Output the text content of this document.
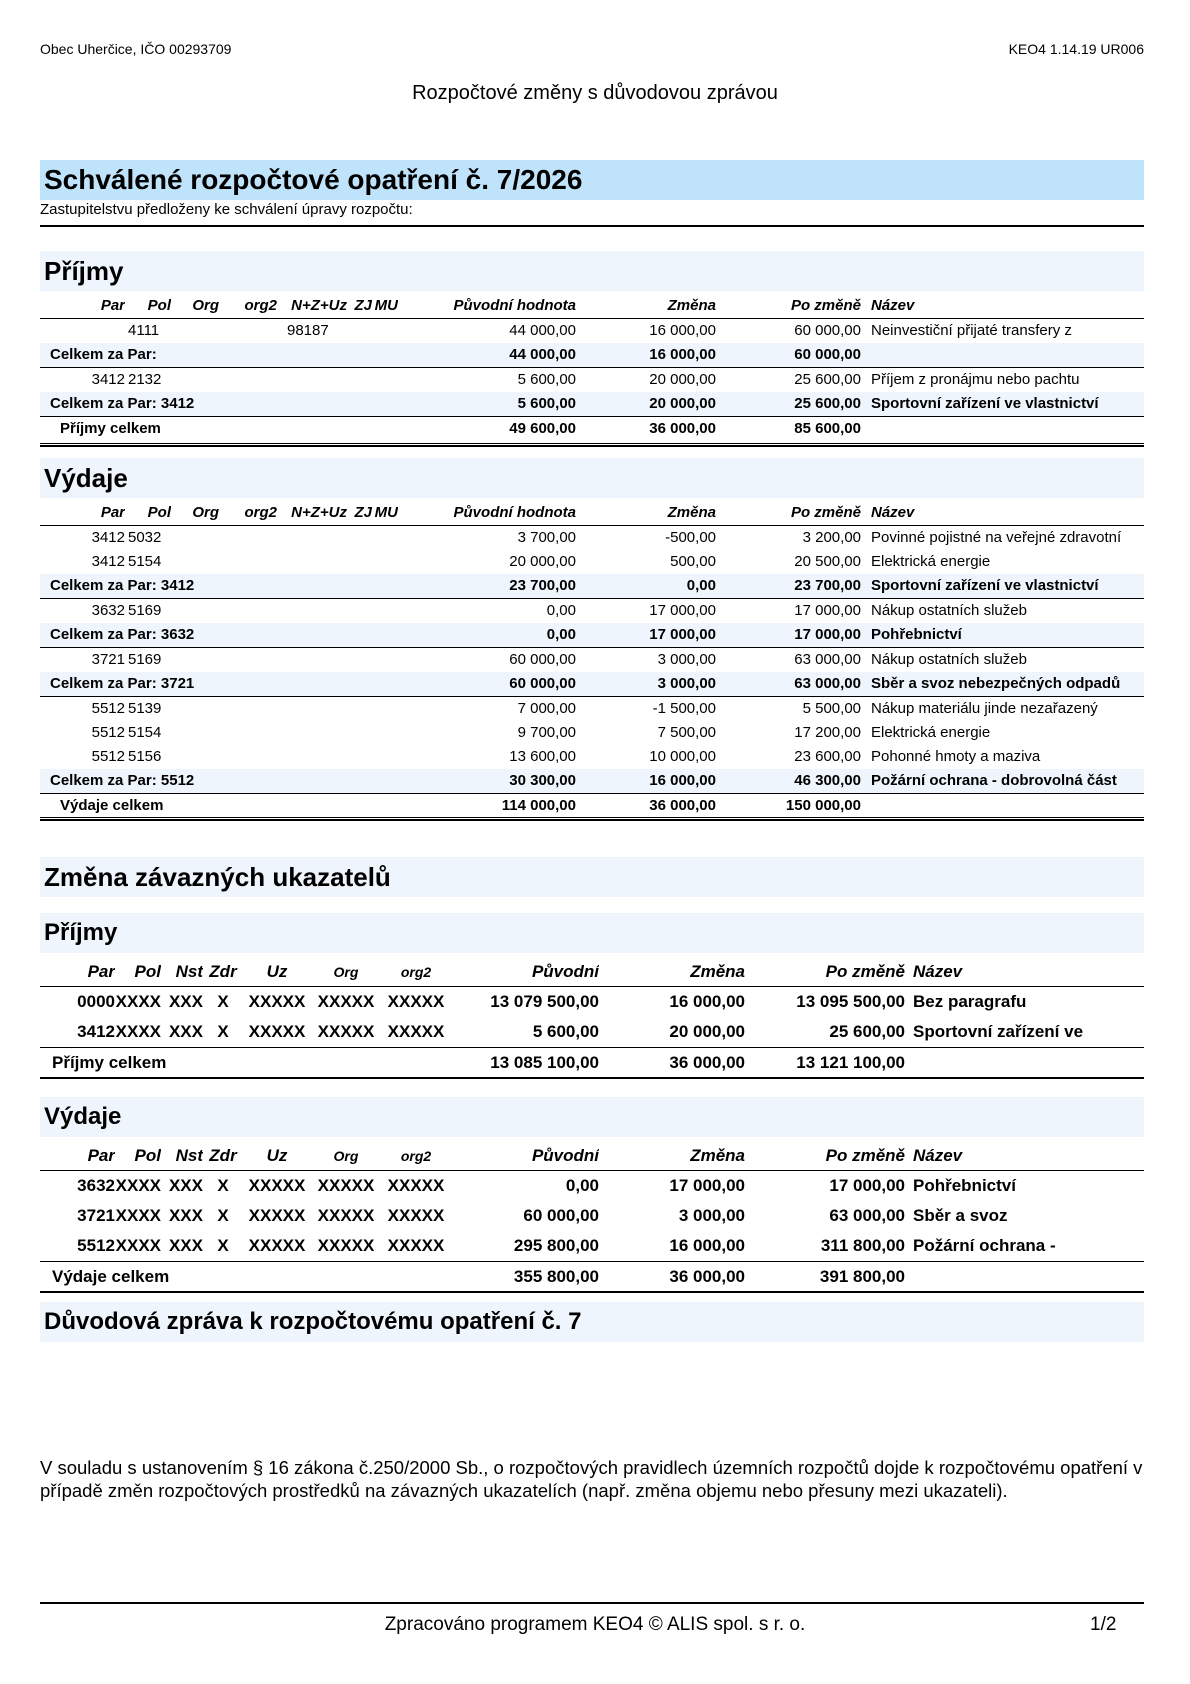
Obec Uherčice, IČO 00293709	KEO4 1.14.19 UR006
Rozpočtové změny s důvodovou zprávou
Schválené rozpočtové opatření č. 7/2026
Zastupitelstvu předloženy ke schválení úpravy rozpočtu:
Příjmy
Par	Pol	Org	org2	N+Z+Uz	ZJ	MU	Původní hodnota	Změna	Po změně	Název
	4111			98187			44 000,00	16 000,00	60 000,00	Neinvestiční přijaté transfery z
Celkem za Par:							44 000,00	16 000,00	60 000,00	
3412	2132						5 600,00	20 000,00	25 600,00	Příjem z pronájmu nebo pachtu
Celkem za Par: 3412							5 600,00	20 000,00	25 600,00	Sportovní zařízení ve vlastnictví
Příjmy celkem							49 600,00	36 000,00	85 600,00	
Výdaje
Par	Pol	Org	org2	N+Z+Uz	ZJ	MU	Původní hodnota	Změna	Po změně	Název
3412	5032						3 700,00	-500,00	3 200,00	Povinné pojistné na veřejné zdravotní
3412	5154						20 000,00	500,00	20 500,00	Elektrická energie
Celkem za Par: 3412							23 700,00	0,00	23 700,00	Sportovní zařízení ve vlastnictví
3632	5169						0,00	17 000,00	17 000,00	Nákup ostatních služeb
Celkem za Par: 3632							0,00	17 000,00	17 000,00	Pohřebnictví
3721	5169						60 000,00	3 000,00	63 000,00	Nákup ostatních služeb
Celkem za Par: 3721							60 000,00	3 000,00	63 000,00	Sběr a svoz nebezpečných odpadů
5512	5139						7 000,00	-1 500,00	5 500,00	Nákup materiálu jinde nezařazený
5512	5154						9 700,00	7 500,00	17 200,00	Elektrická energie
5512	5156						13 600,00	10 000,00	23 600,00	Pohonné hmoty a maziva
Celkem za Par: 5512							30 300,00	16 000,00	46 300,00	Požární ochrana - dobrovolná část
Výdaje celkem							114 000,00	36 000,00	150 000,00	
Změna závazných ukazatelů
Příjmy
Par	Pol	Nst	Zdr	Uz	Org	org2	Původní	Změna	Po změně	Název
0000	XXXX	XXX	X	XXXXX	XXXXX	XXXXX	13 079 500,00	16 000,00	13 095 500,00	Bez paragrafu
3412	XXXX	XXX	X	XXXXX	XXXXX	XXXXX	5 600,00	20 000,00	25 600,00	Sportovní zařízení ve
Příjmy celkem							13 085 100,00	36 000,00	13 121 100,00	
Výdaje
Par	Pol	Nst	Zdr	Uz	Org	org2	Původní	Změna	Po změně	Název
3632	XXXX	XXX	X	XXXXX	XXXXX	XXXXX	0,00	17 000,00	17 000,00	Pohřebnictví
3721	XXXX	XXX	X	XXXXX	XXXXX	XXXXX	60 000,00	3 000,00	63 000,00	Sběr a svoz
5512	XXXX	XXX	X	XXXXX	XXXXX	XXXXX	295 800,00	16 000,00	311 800,00	Požární ochrana -
Výdaje celkem							355 800,00	36 000,00	391 800,00	
Důvodová zpráva k rozpočtovému opatření č. 7
V souladu s ustanovením § 16 zákona č.250/2000 Sb., o rozpočtových pravidlech územních rozpočtů dojde k rozpočtovému opatření v případě změn rozpočtových prostředků na závazných ukazatelích (např. změna objemu nebo přesuny mezi ukazateli).
Zpracováno programem KEO4 © ALIS spol. s r. o.	1/2
